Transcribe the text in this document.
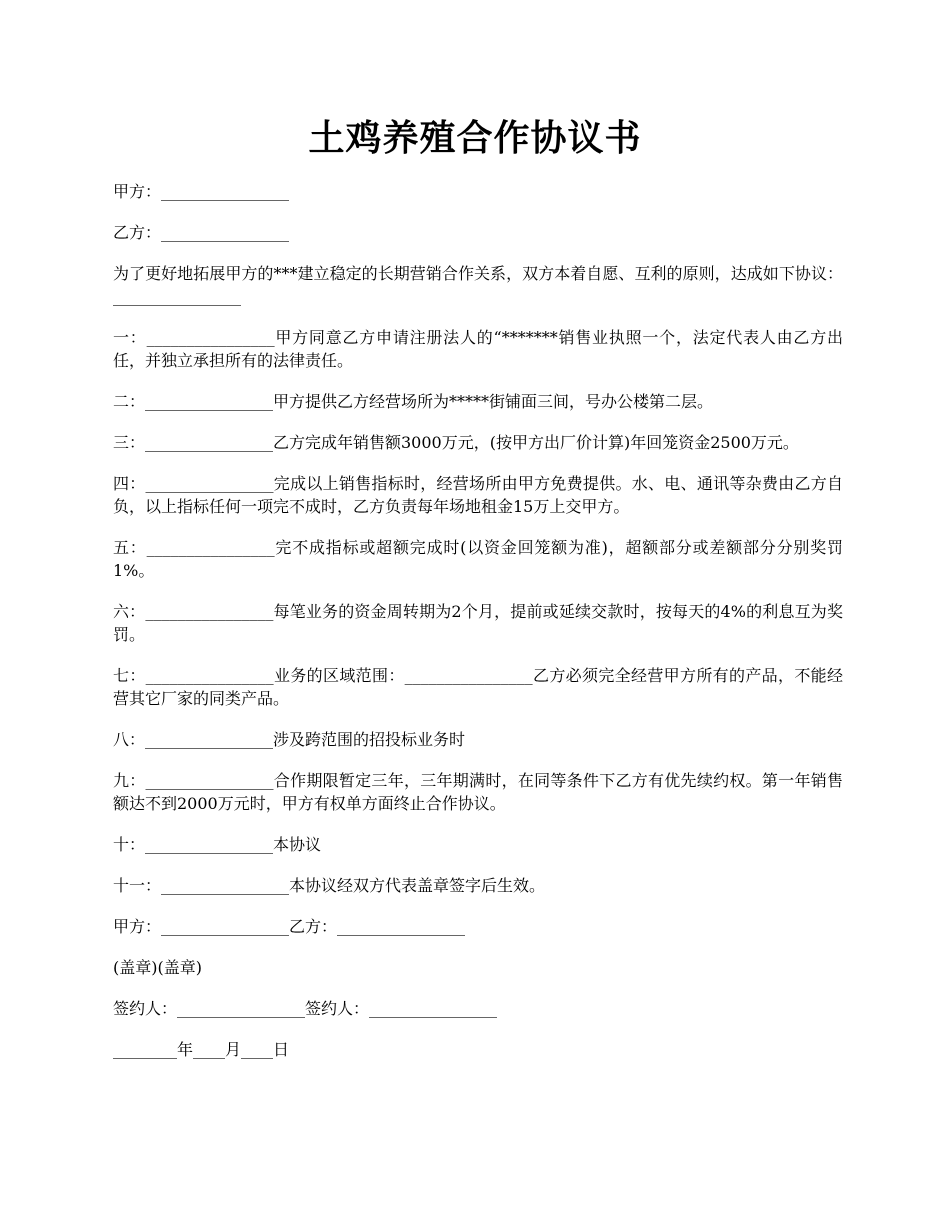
土鸡养殖合作协议书

甲方：________________

乙方：________________

为了更好地拓展甲方的***建立稳定的长期营销合作关系，双方本着自愿、互利的原则，达成如下协议：________________

一：________________甲方同意乙方申请注册法人的“*******销售业执照一个，法定代表人由乙方出任，并独立承担所有的法律责任。

二：________________甲方提供乙方经营场所为*****街铺面三间，号办公楼第二层。

三：________________乙方完成年销售额3000万元，(按甲方出厂价计算)年回笼资金2500万元。

四：________________完成以上销售指标时，经营场所由甲方免费提供。水、电、通讯等杂费由乙方自负，以上指标任何一项完不成时，乙方负责每年场地租金15万上交甲方。

五：________________完不成指标或超额完成时(以资金回笼额为准)，超额部分或差额部分分别奖罚1%。

六：________________每笔业务的资金周转期为2个月，提前或延续交款时，按每天的4%的利息互为奖罚。

七：________________业务的区域范围：________________乙方必须完全经营甲方所有的产品，不能经营其它厂家的同类产品。

八：________________涉及跨范围的招投标业务时

九：________________合作期限暂定三年，三年期满时，在同等条件下乙方有优先续约权。第一年销售额达不到2000万元时，甲方有权单方面终止合作协议。

十：________________本协议

十一：________________本协议经双方代表盖章签字后生效。

甲方：________________乙方：________________

(盖章)(盖章)

签约人：________________签约人：________________

________年____月____日
